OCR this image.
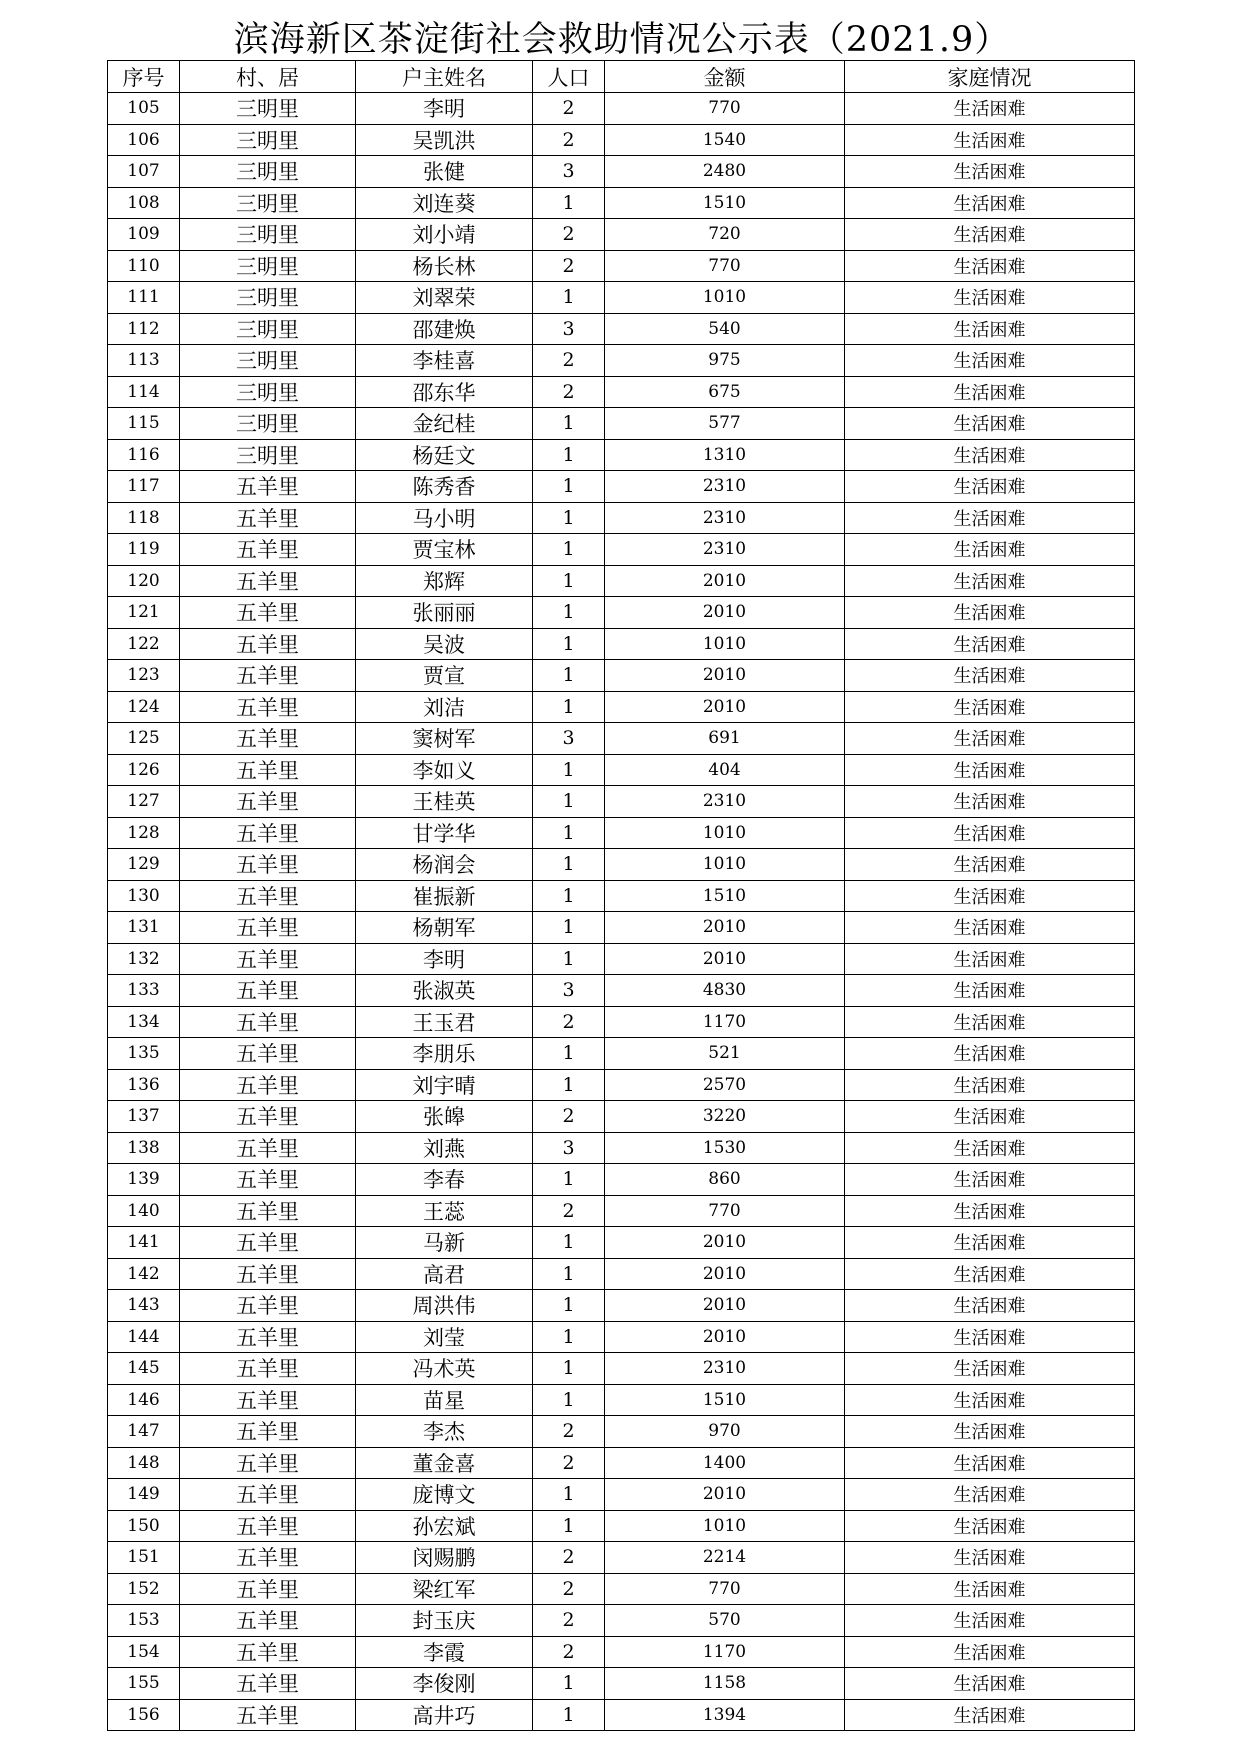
滨海新区茶淀街社会救助情况公示表（2021.9）
序号	村、居	户主姓名	人口	金额	家庭情况
105	三明里	李明	2	770	生活困难
106	三明里	吴凯洪	2	1540	生活困难
107	三明里	张健	3	2480	生活困难
108	三明里	刘连葵	1	1510	生活困难
109	三明里	刘小靖	2	720	生活困难
110	三明里	杨长林	2	770	生活困难
111	三明里	刘翠荣	1	1010	生活困难
112	三明里	邵建焕	3	540	生活困难
113	三明里	李桂喜	2	975	生活困难
114	三明里	邵东华	2	675	生活困难
115	三明里	金纪桂	1	577	生活困难
116	三明里	杨廷文	1	1310	生活困难
117	五羊里	陈秀香	1	2310	生活困难
118	五羊里	马小明	1	2310	生活困难
119	五羊里	贾宝林	1	2310	生活困难
120	五羊里	郑辉	1	2010	生活困难
121	五羊里	张丽丽	1	2010	生活困难
122	五羊里	吴波	1	1010	生活困难
123	五羊里	贾宣	1	2010	生活困难
124	五羊里	刘洁	1	2010	生活困难
125	五羊里	窦树军	3	691	生活困难
126	五羊里	李如义	1	404	生活困难
127	五羊里	王桂英	1	2310	生活困难
128	五羊里	甘学华	1	1010	生活困难
129	五羊里	杨润会	1	1010	生活困难
130	五羊里	崔振新	1	1510	生活困难
131	五羊里	杨朝军	1	2010	生活困难
132	五羊里	李明	1	2010	生活困难
133	五羊里	张淑英	3	4830	生活困难
134	五羊里	王玉君	2	1170	生活困难
135	五羊里	李朋乐	1	521	生活困难
136	五羊里	刘宇晴	1	2570	生活困难
137	五羊里	张皞	2	3220	生活困难
138	五羊里	刘燕	3	1530	生活困难
139	五羊里	李春	1	860	生活困难
140	五羊里	王蕊	2	770	生活困难
141	五羊里	马新	1	2010	生活困难
142	五羊里	高君	1	2010	生活困难
143	五羊里	周洪伟	1	2010	生活困难
144	五羊里	刘莹	1	2010	生活困难
145	五羊里	冯术英	1	2310	生活困难
146	五羊里	苗星	1	1510	生活困难
147	五羊里	李杰	2	970	生活困难
148	五羊里	董金喜	2	1400	生活困难
149	五羊里	庞博文	1	2010	生活困难
150	五羊里	孙宏斌	1	1010	生活困难
151	五羊里	闵赐鹏	2	2214	生活困难
152	五羊里	梁红军	2	770	生活困难
153	五羊里	封玉庆	2	570	生活困难
154	五羊里	李霞	2	1170	生活困难
155	五羊里	李俊刚	1	1158	生活困难
156	五羊里	高井巧	1	1394	生活困难
